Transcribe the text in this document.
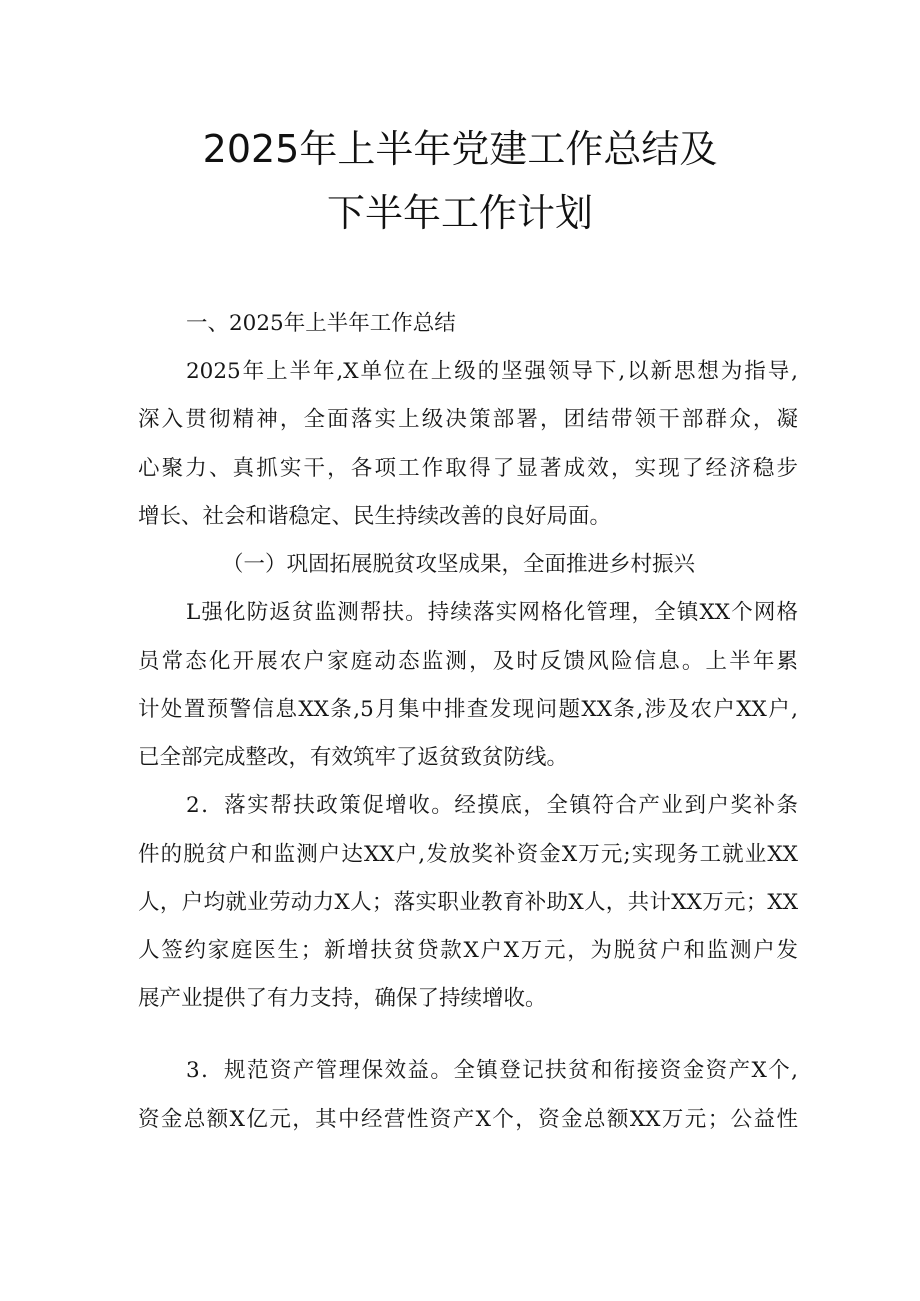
2025年上半年党建工作总结及
下半年工作计划
一、2025年上半年工作总结
2025年上半年,X单位在上级的坚强领导下,以新思想为指导,
深入贯彻精神，全面落实上级决策部署，团结带领干部群众，凝
心聚力、真抓实干，各项工作取得了显著成效，实现了经济稳步
增长、社会和谐稳定、民生持续改善的良好局面。
（一）巩固拓展脱贫攻坚成果，全面推进乡村振兴
L强化防返贫监测帮扶。持续落实网格化管理，全镇XX个网格
员常态化开展农户家庭动态监测，及时反馈风险信息。上半年累
计处置预警信息XX条,5月集中排查发现问题XX条,涉及农户XX户,
已全部完成整改，有效筑牢了返贫致贫防线。
2．落实帮扶政策促增收。经摸底，全镇符合产业到户奖补条
件的脱贫户和监测户达XX户,发放奖补资金X万元;实现务工就业XX
人，户均就业劳动力X人；落实职业教育补助X人，共计XX万元；XX
人签约家庭医生；新增扶贫贷款X户X万元，为脱贫户和监测户发
展产业提供了有力支持，确保了持续增收。
3．规范资产管理保效益。全镇登记扶贫和衔接资金资产X个,
资金总额X亿元，其中经营性资产X个，资金总额XX万元；公益性
